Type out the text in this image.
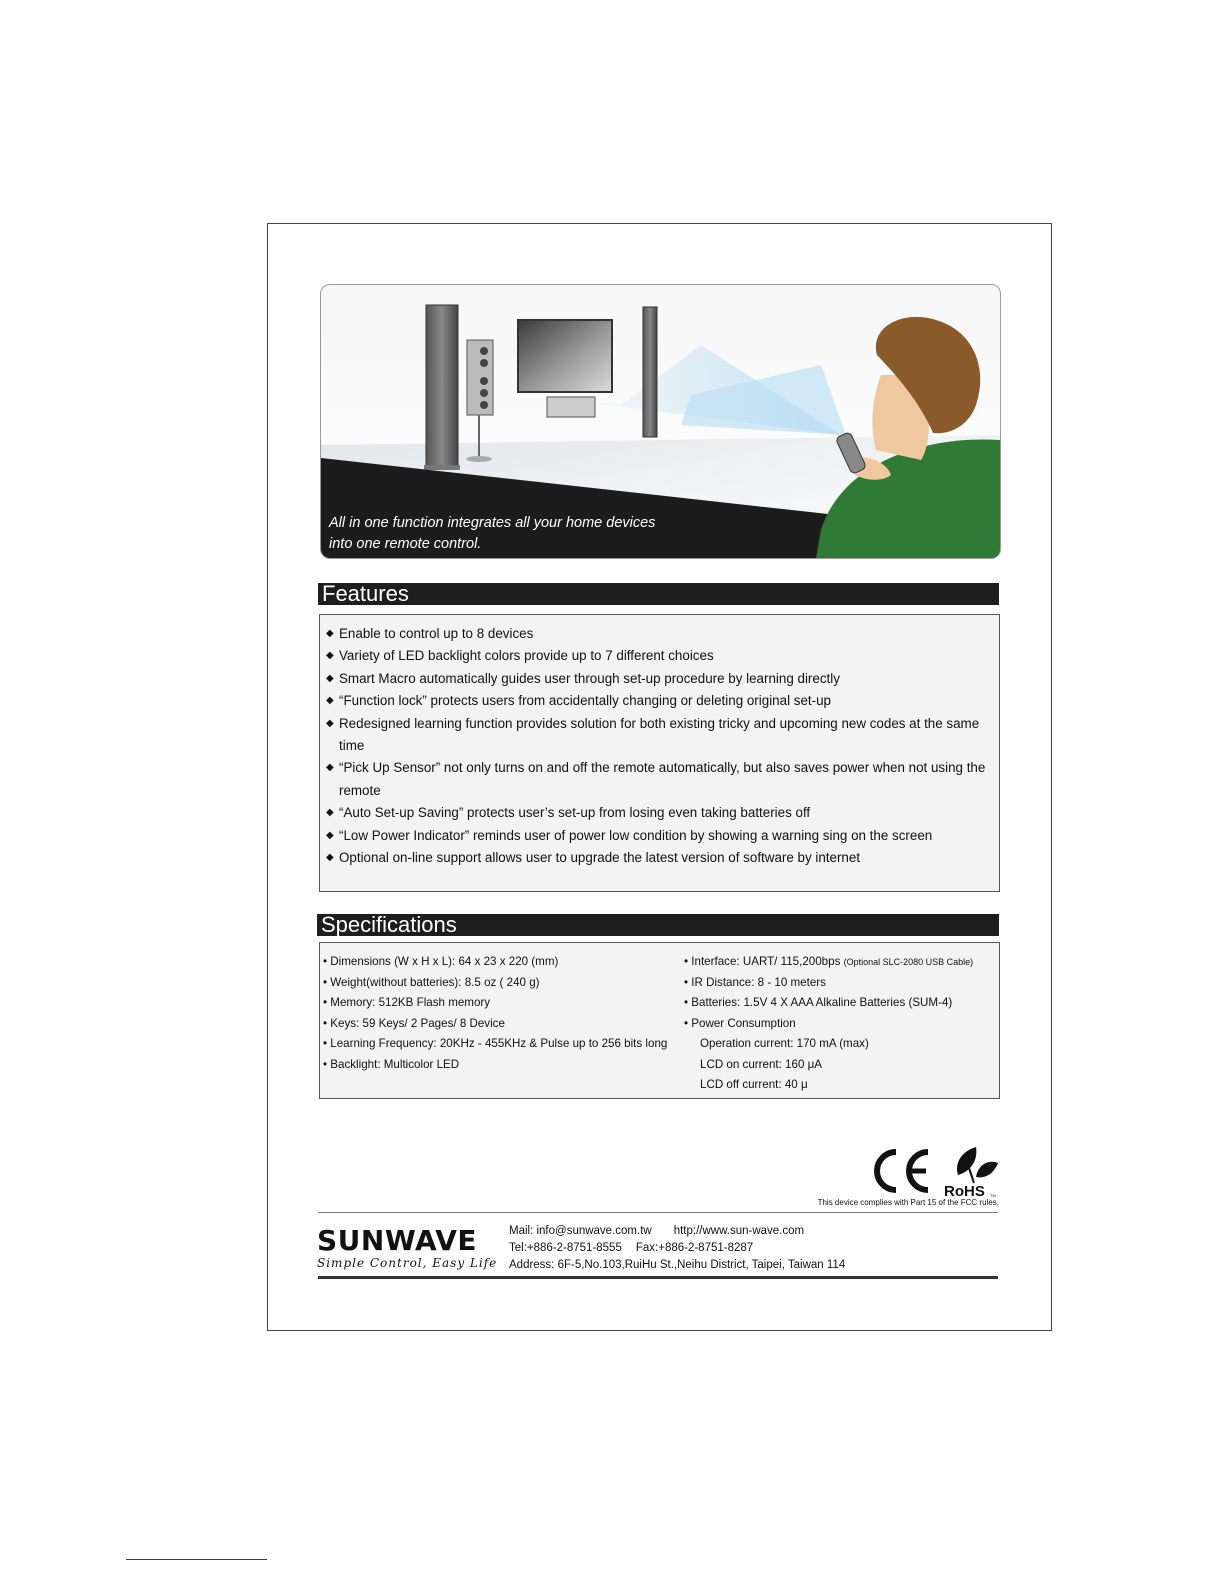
All in one function integrates all your home devices
into one remote control.
Features
◆ Enable to control up to 8 devices
◆ Variety of LED backlight colors provide up to 7 different choices
◆ Smart Macro automatically guides user through set-up procedure by learning directly
◆ “Function lock” protects users from accidentally changing or deleting original set-up
◆ Redesigned learning function provides solution for both existing tricky and upcoming new codes at the same time
◆ “Pick Up Sensor” not only turns on and off the remote automatically, but also saves power when not using the remote
◆ “Auto Set-up Saving” protects user’s set-up from losing even taking batteries off
◆ “Low Power Indicator” reminds user of power low condition by showing a warning sing on the screen
◆ Optional on-line support allows user to upgrade the latest version of software by internet
Specifications
• Dimensions (W x H x L): 64 x 23 x 220 (mm)
• Weight(without batteries): 8.5 oz ( 240 g)
• Memory: 512KB Flash memory
• Keys: 59 Keys/ 2 Pages/ 8 Device
• Learning Frequency: 20KHz - 455KHz & Pulse up to 256 bits long
• Backlight: Multicolor LED
• Interface: UART/ 115,200bps (Optional SLC-2080 USB Cable)
• IR Distance: 8 - 10 meters
• Batteries: 1.5V 4 X AAA Alkaline Batteries (SUM-4)
• Power Consumption
Operation current: 170 mA (max)
LCD on current: 160 μA
LCD off current: 40 μ
RoHS TM
This device complies with Part 15 of the FCC rules.
SUNWAVE
Simple Control, Easy Life
Mail: info@sunwave.com.tw http://www.sun-wave.com
Tel:+886-2-8751-8555 Fax:+886-2-8751-8287
Address: 6F-5,No.103,RuiHu St.,Neihu District, Taipei, Taiwan 114
